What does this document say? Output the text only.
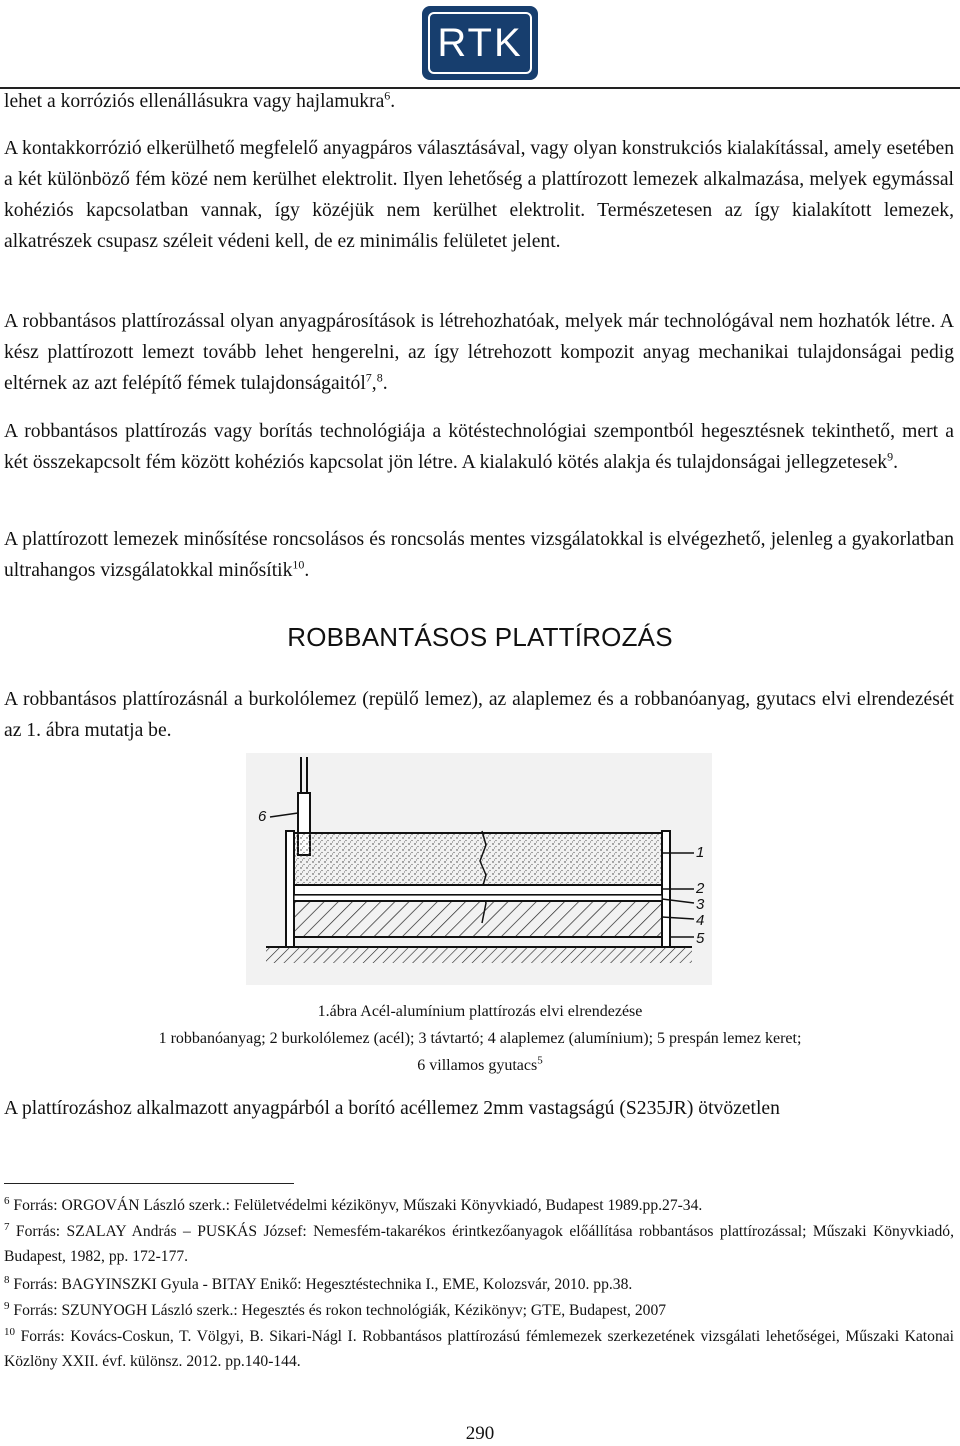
RTK

lehet a korróziós ellenállásukra vagy hajlamukra$^6$.

A kontakkorrózió elkerülhető megfelelő anyagpáros választásával, vagy olyan konstrukciós kialakítással, amely esetében a két különböző fém közé nem kerülhet elektrolit. Ilyen lehetőség a plattírozott lemezek alkalmazása, melyek egymással kohéziós kapcsolatban vannak, így közéjük nem kerülhet elektrolit. Természetesen az így kialakított lemezek, alkatrészek csupasz széleit védeni kell, de ez minimális felületet jelent.

A robbantásos plattírozással olyan anyagpárosítások is létrehozhatóak, melyek már technológával nem hozhatók létre. A kész plattírozott lemezt tovább lehet hengerelni, az így létrehozott kompozit anyag mechanikai tulajdonságai pedig eltérnek az azt felépítő fémek tulajdonságaitól$^7$,$^8$.

A robbantásos plattírozás vagy borítás technológiája a kötéstechnológiai szempontból hegesztésnek tekinthető, mert a két összekapcsolt fém között kohéziós kapcsolat jön létre. A kialakuló kötés alakja és tulajdonságai jellegzetesek$^9$.

A plattírozott lemezek minősítése roncsolásos és roncsolás mentes vizsgálatokkal is elvégezhető, jelenleg a gyakorlatban ultrahangos vizsgálatokkal minősítik$^{10}$.

ROBBANTÁSOS PLATTÍROZÁS

A robbantásos plattírozásnál a burkolólemez (repülő lemez), az alaplemez és a robbanóanyag, gyutacs elvi elrendezését az 1. ábra mutatja be.

6
1
2
3
4
5

1.ábra Acél-alumínium plattírozás elvi elrendezése

1 robbanóanyag; 2 burkolólemez (acél); 3 távtartó; 4 alaplemez (alumínium); 5 prespán lemez keret;

6 villamos gyutacs$^5$

A plattírozáshoz alkalmazott anyagpárból a borító acéllemez 2mm vastagságú (S235JR) ötvözetlen

$^6$ Forrás: ORGOVÁN László szerk.: Felületvédelmi kézikönyv, Műszaki Könyvkiadó, Budapest 1989.pp.27-34.

$^7$ Forrás: SZALAY András – PUSKÁS József: Nemesfém-takarékos érintkezőanyagok előállítása robbantásos plattírozással; Műszaki Könyvkiadó, Budapest, 1982, pp. 172-177.

$^8$ Forrás: BAGYINSZKI Gyula - BITAY Enikő: Hegesztéstechnika I., EME, Kolozsvár, 2010. pp.38.

$^9$ Forrás: SZUNYOGH László szerk.: Hegesztés és rokon technológiák, Kézikönyv; GTE, Budapest, 2007

$^{10}$ Forrás: Kovács-Coskun, T. Völgyi, B. Sikari-Nágl I. Robbantásos plattírozású fémlemezek szerkezetének vizsgálati lehetőségei, Műszaki Katonai Közlöny XXII. évf. különsz. 2012. pp.140-144.

290
